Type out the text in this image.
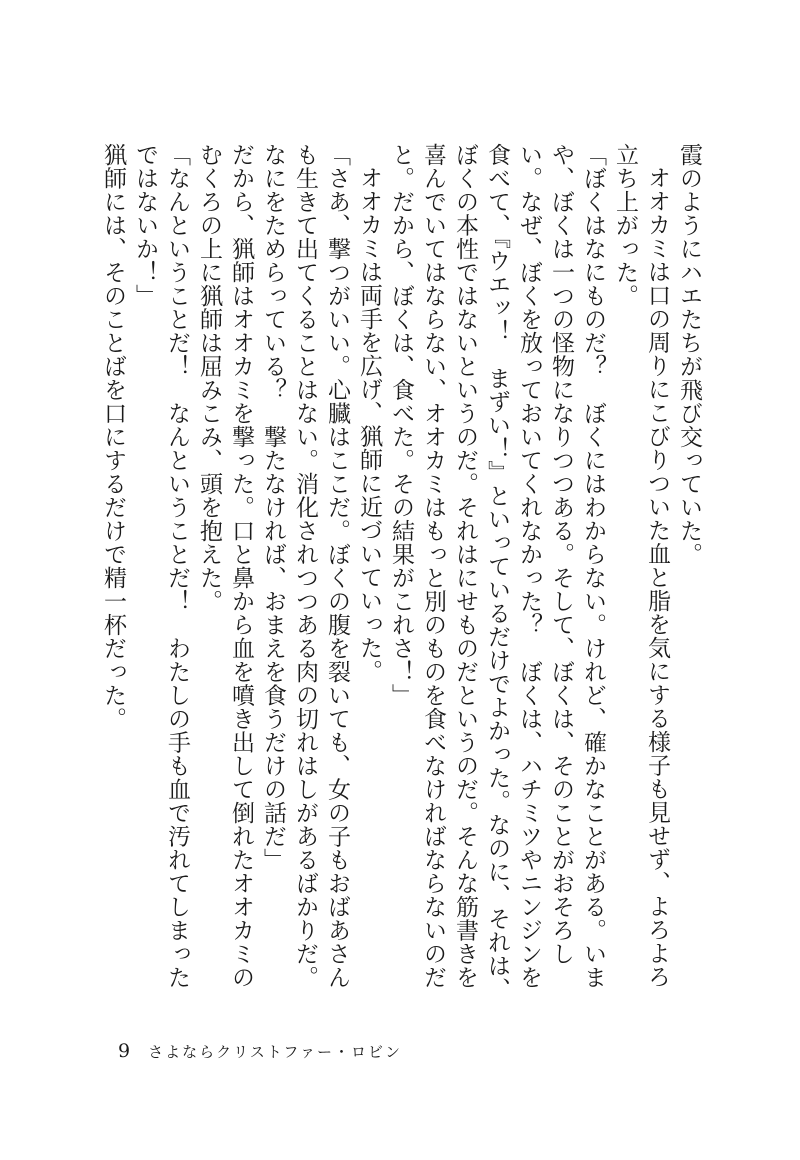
霞のようにハエたちが飛び交っていた。

オオカミは口の周りにこびりついた血と脂を気にする様子も見せず、よろよろ立ち上がった。

「ぼくはなにものだ？　ぼくにはわからない。けれど、確かなことがある。いまや、ぼくは一つの怪物になりつつある。そして、ぼくは、そのことがおそろしい。なぜ、ぼくを放っておいてくれなかった？　ぼくは、ハチミツやニンジンを食べて、『ウエッ！　まずい！』といっているだけでよかった。なのに、それは、ぼくの本性ではないというのだ。それはにせものだというのだ。そんな筋書きを喜んでいてはならない、オオカミはもっと別のものを食べなければならないのだと。だから、ぼくは、食べた。その結果がこれさ！」

オオカミは両手を広げ、猟師に近づいていった。

「さあ、撃つがいい。心臓はここだ。ぼくの腹を裂いても、女の子もおばあさんも生きて出てくることはない。消化されつつある肉の切れはしがあるばかりだ。なにをためらっている？　撃たなければ、おまえを食うだけの話だ」

だから、猟師はオオカミを撃った。口と鼻から血を噴き出して倒れたオオカミのむくろの上に猟師は屈みこみ、頭を抱えた。

「なんということだ！　なんということだ！　わたしの手も血で汚れてしまったではないか！」

猟師には、そのことばを口にするだけで精一杯だった。

9 さよならクリストファー・ロビン
